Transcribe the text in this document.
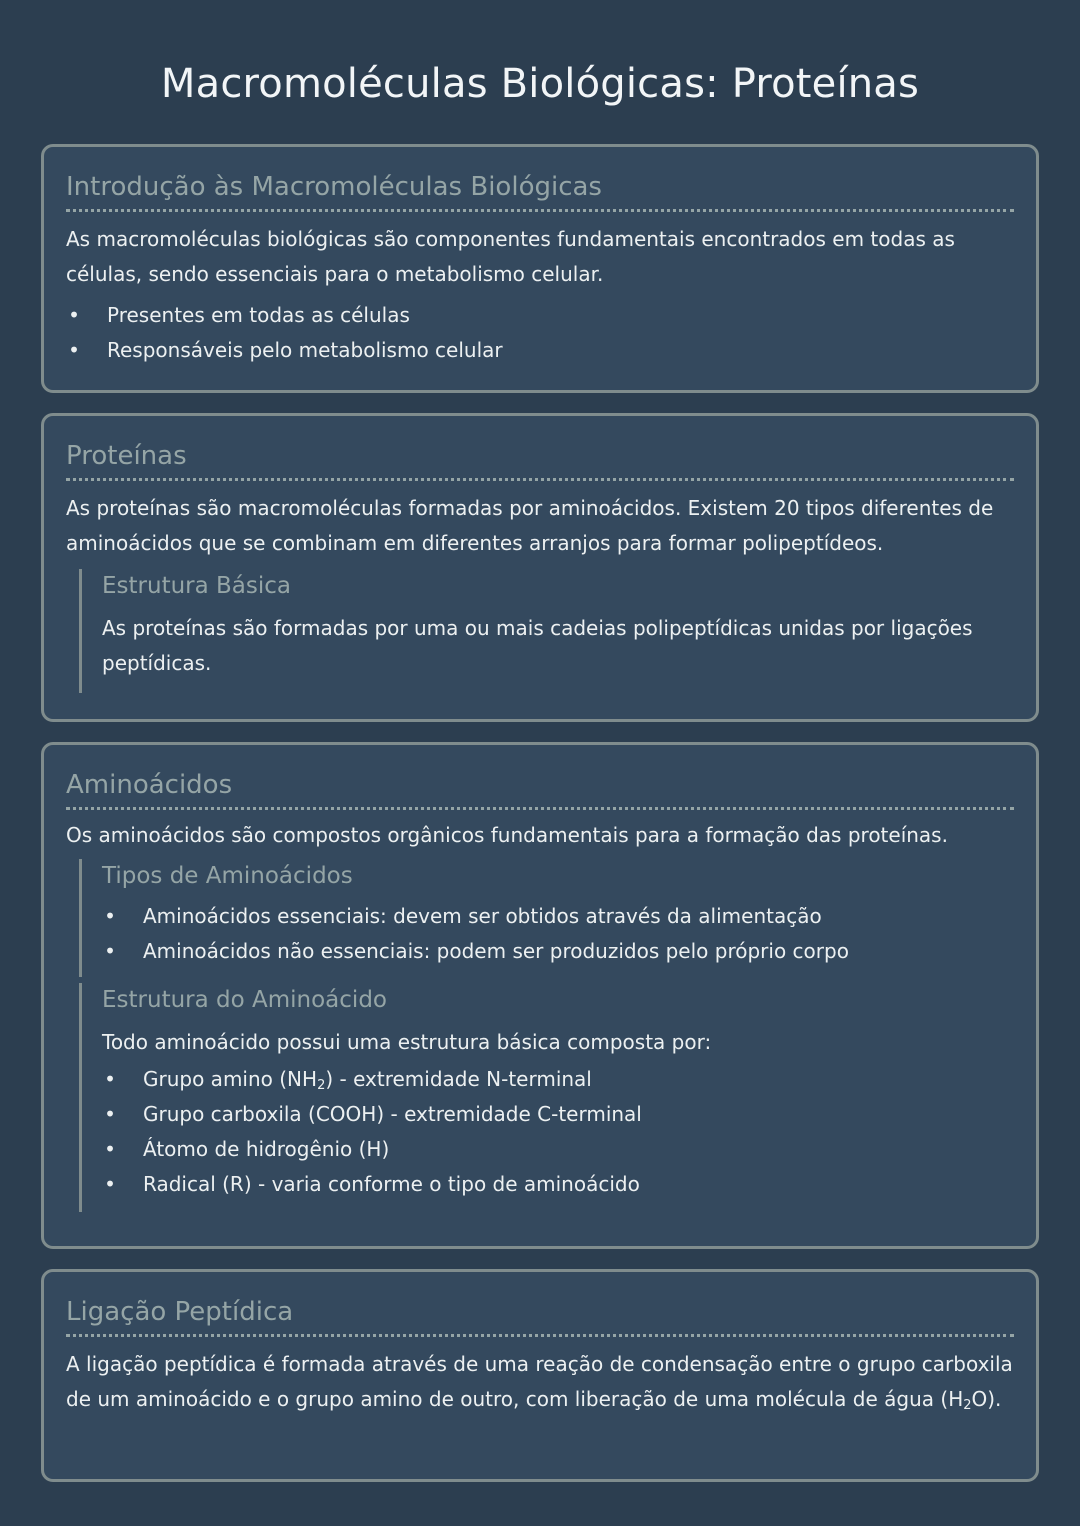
Macromoléculas Biológicas: Proteínas
Introdução às Macromoléculas Biológicas

As macromoléculas biológicas são componentes fundamentais encontrados em todas as células, sendo essenciais para o metabolismo celular.

• Presentes em todas as células
• Responsáveis pelo metabolismo celular
Proteínas

As proteínas são macromoléculas formadas por aminoácidos. Existem 20 tipos diferentes de aminoácidos que se combinam em diferentes arranjos para formar polipeptídeos.

Estrutura Básica

As proteínas são formadas por uma ou mais cadeias polipeptídicas unidas por ligações peptídicas.

Aminoácidos

Os aminoácidos são compostos orgânicos fundamentais para a formação das proteínas.

Tipos de Aminoácidos
• Aminoácidos essenciais: devem ser obtidos através da alimentação
• Aminoácidos não essenciais: podem ser produzidos pelo próprio corpo
Estrutura do Aminoácido

Todo aminoácido possui uma estrutura básica composta por:

• Grupo amino $(NH_2)$ - extremidade N-terminal
• Grupo carboxila (COOH) - extremidade C-terminal
• Átomo de hidrogênio (H)
• Radical (R) - varia conforme o tipo de aminoácido
Ligação Peptídica

A ligação peptídica é formada através de uma reação de condensação entre o grupo carboxila de um aminoácido e o grupo amino de outro, com liberação de uma molécula de água $(H_2O)$.
